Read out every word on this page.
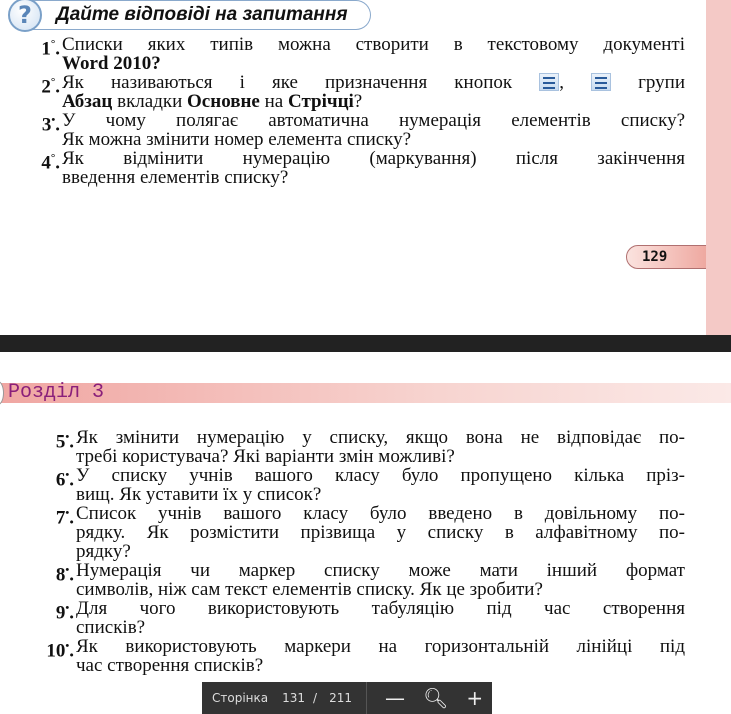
?	Дайте відповіді на запитання
1°. Списки яких типів можна створити в текстовому документі
Word 2010?
2°. Як називаються і яке призначення кнопок
,
групи
Абзац вкладки Основне на Стрічці?
3•. У чому полягає автоматична нумерація елементів списку?
Як можна змінити номер елемента списку?
4°. Як відмінити нумерацію (маркування) після закінчення
введення елементів списку?
129
Розділ 3
5•. Як змінити нумерацію у списку, якщо вона не відповідає по-
требі користувача? Які варіанти змін можливі?
6•. У списку учнів вашого класу було пропущено кілька пріз-
вищ. Як уставити їх у список?
7•. Список учнів вашого класу було введено в довільному по-
рядку. Як розмістити прізвища у списку в алфавітному по-
рядку?
8•. Нумерація чи маркер списку може мати інший формат
символів, ніж сам текст елементів списку. Як це зробити?
9•. Для чого використовують табуляцію під час створення
списків?
10•. Як використовують маркери на горизонтальній лінійці під
час створення списків?
Сторінка 131 / 211 — 🔍︎ +
